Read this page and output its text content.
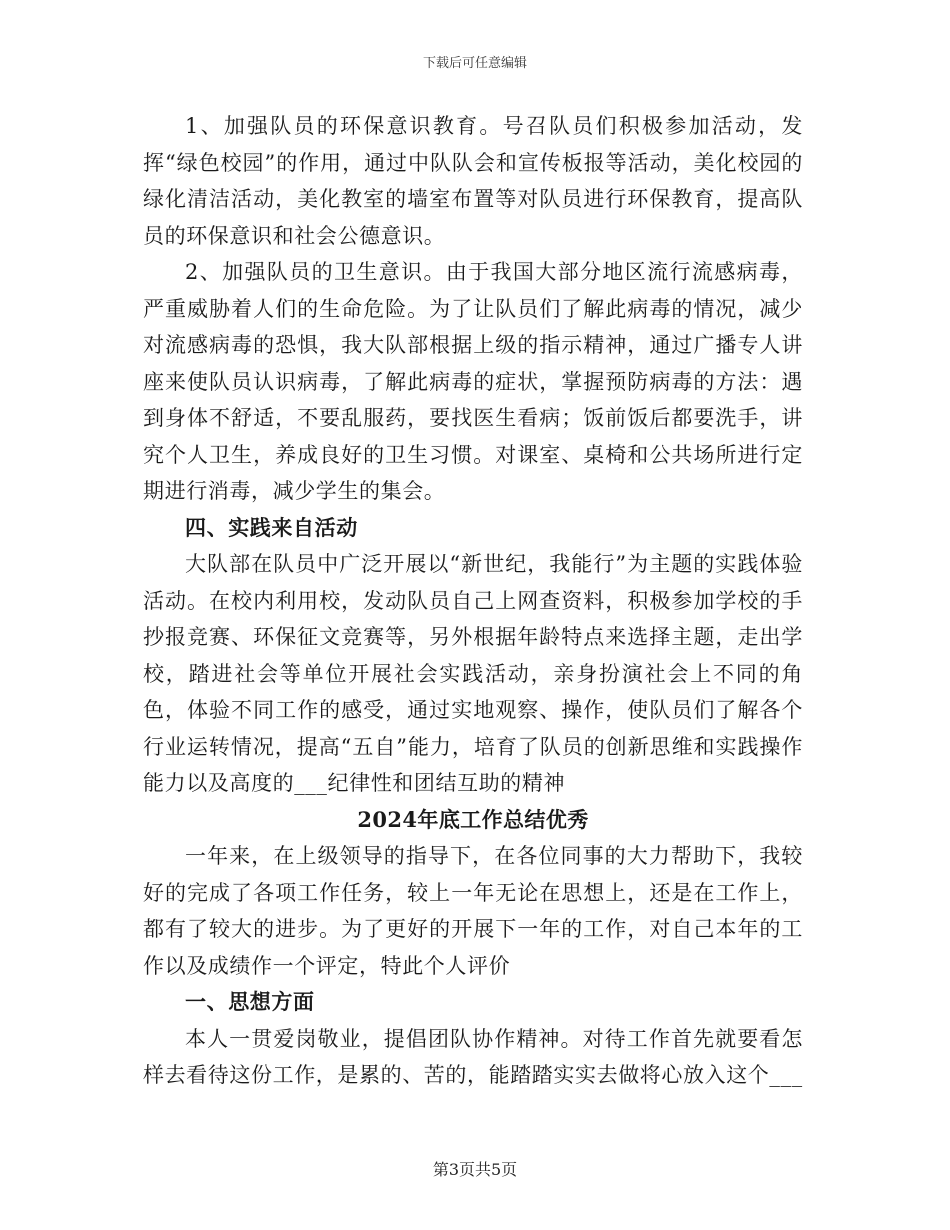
下载后可任意编辑

1、加强队员的环保意识教育。号召队员们积极参加活动，发挥“绿色校园”的作用，通过中队队会和宣传板报等活动，美化校园的绿化清洁活动，美化教室的墙室布置等对队员进行环保教育，提高队员的环保意识和社会公德意识。

2、加强队员的卫生意识。由于我国大部分地区流行流感病毒，严重威胁着人们的生命危险。为了让队员们了解此病毒的情况，减少对流感病毒的恐惧，我大队部根据上级的指示精神，通过广播专人讲座来使队员认识病毒，了解此病毒的症状，掌握预防病毒的方法：遇到身体不舒适，不要乱服药，要找医生看病；饭前饭后都要洗手，讲究个人卫生，养成良好的卫生习惯。对课室、桌椅和公共场所进行定期进行消毒，减少学生的集会。

四、实践来自活动

大队部在队员中广泛开展以“新世纪，我能行”为主题的实践体验活动。在校内利用校，发动队员自己上网查资料，积极参加学校的手抄报竞赛、环保征文竞赛等，另外根据年龄特点来选择主题，走出学校，踏进社会等单位开展社会实践活动，亲身扮演社会上不同的角色，体验不同工作的感受，通过实地观察、操作，使队员们了解各个行业运转情况，提高“五自”能力，培育了队员的创新思维和实践操作能力以及高度的___纪律性和团结互助的精神

2024年底工作总结优秀

一年来，在上级领导的指导下，在各位同事的大力帮助下，我较好的完成了各项工作任务，较上一年无论在思想上，还是在工作上，都有了较大的进步。为了更好的开展下一年的工作，对自己本年的工作以及成绩作一个评定，特此个人评价

一、思想方面

本人一贯爱岗敬业，提倡团队协作精神。对待工作首先就要看怎样去看待这份工作，是累的、苦的，能踏踏实实去做将心放入这个___

第3页共5页
